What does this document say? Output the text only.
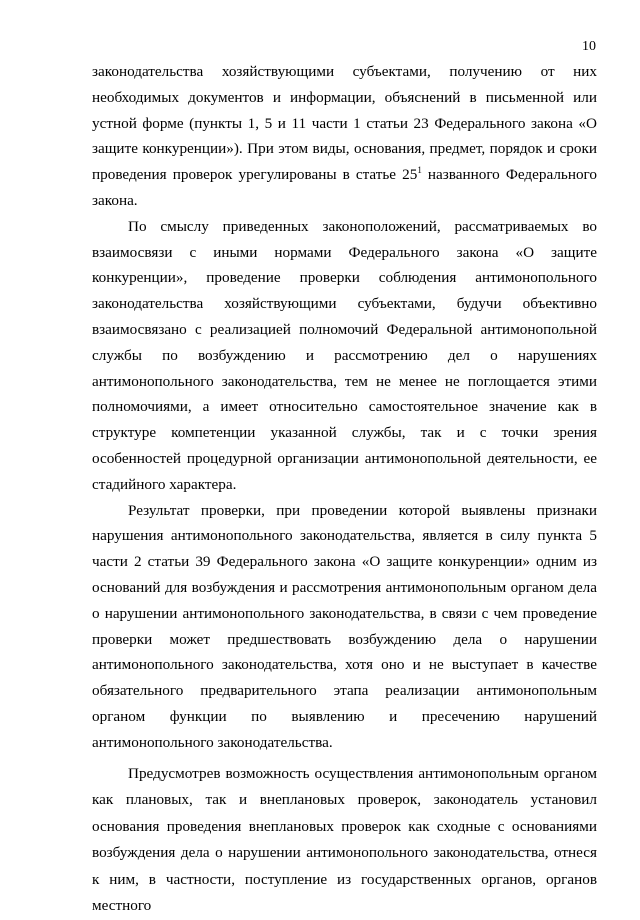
10

законодательства хозяйствующими субъектами, получению от них необходимых документов и информации, объяснений в письменной или устной форме (пункты 1, 5 и 11 части 1 статьи 23 Федерального закона «О защите конкуренции»). При этом виды, основания, предмет, порядок и сроки проведения проверок урегулированы в статье $25^1$ названного Федерального закона.

По смыслу приведенных законоположений, рассматриваемых во взаимосвязи с иными нормами Федерального закона «О защите конкуренции», проведение проверки соблюдения антимонопольного законодательства хозяйствующими субъектами, будучи объективно взаимосвязано с реализацией полномочий Федеральной антимонопольной службы по возбуждению и рассмотрению дел о нарушениях антимонопольного законодательства, тем не менее не поглощается этими полномочиями, а имеет относительно самостоятельное значение как в структуре компетенции указанной службы, так и с точки зрения особенностей процедурной организации антимонопольной деятельности, ее стадийного характера.

Результат проверки, при проведении которой выявлены признаки нарушения антимонопольного законодательства, является в силу пункта 5 части 2 статьи 39 Федерального закона «О защите конкуренции» одним из оснований для возбуждения и рассмотрения антимонопольным органом дела о нарушении антимонопольного законодательства, в связи с чем проведение проверки может предшествовать возбуждению дела о нарушении антимонопольного законодательства, хотя оно и не выступает в качестве обязательного предварительного этапа реализации антимонопольным органом функции по выявлению и пресечению нарушений антимонопольного законодательства.

Предусмотрев возможность осуществления антимонопольным органом как плановых, так и внеплановых проверок, законодатель установил основания проведения внеплановых проверок как сходные с основаниями возбуждения дела о нарушении антимонопольного законодательства, отнеся к ним, в частности, поступление из государственных органов, органов местного
